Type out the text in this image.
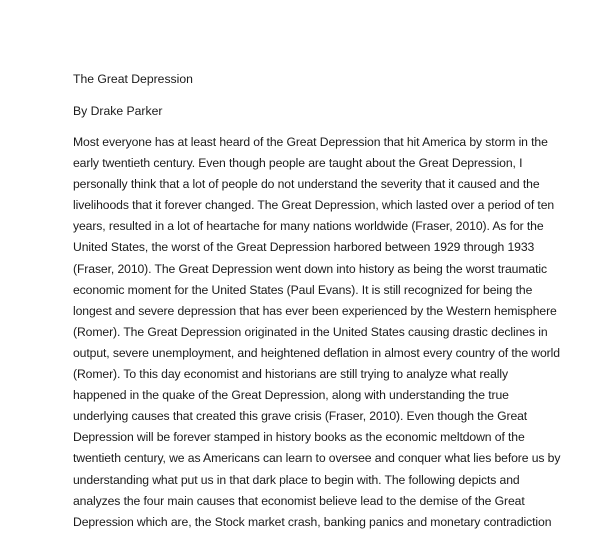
The Great Depression
By Drake Parker
Most everyone has at least heard of the Great Depression that hit America by storm in the
early twentieth century. Even though people are taught about the Great Depression, I
personally think that a lot of people do not understand the severity that it caused and the
livelihoods that it forever changed. The Great Depression, which lasted over a period of ten
years, resulted in a lot of heartache for many nations worldwide (Fraser, 2010). As for the
United States, the worst of the Great Depression harbored between 1929 through 1933
(Fraser, 2010). The Great Depression went down into history as being the worst traumatic
economic moment for the United States (Paul Evans). It is still recognized for being the
longest and severe depression that has ever been experienced by the Western hemisphere
(Romer). The Great Depression originated in the United States causing drastic declines in
output, severe unemployment, and heightened deflation in almost every country of the world
(Romer). To this day economist and historians are still trying to analyze what really
happened in the quake of the Great Depression, along with understanding the true
underlying causes that created this grave crisis (Fraser, 2010). Even though the Great
Depression will be forever stamped in history books as the economic meltdown of the
twentieth century, we as Americans can learn to oversee and conquer what lies before us by
understanding what put us in that dark place to begin with. The following depicts and
analyzes the four main causes that economist believe lead to the demise of the Great
Depression which are, the Stock market crash, banking panics and monetary contradiction
